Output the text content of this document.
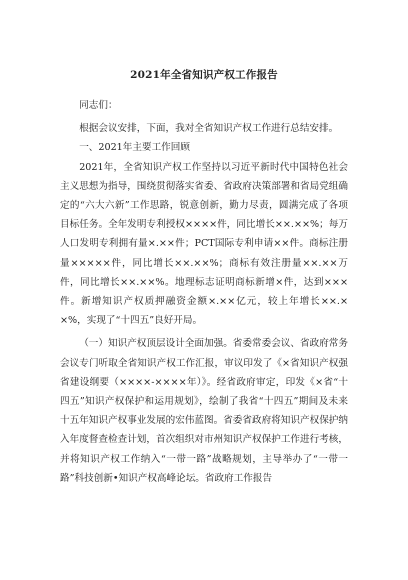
2021年全省知识产权工作报告

同志们：

根据会议安排，下面，我对全省知识产权工作进行总结安排。

一、2021年主要工作回顾

2021年，全省知识产权工作坚持以习近平新时代中国特色社会主义思想为指导，围绕贯彻落实省委、省政府决策部署和省局党组确定的“六大六新”工作思路，锐意创新，勤力尽责，圆满完成了各项目标任务。全年发明专利授权××××件，同比增长××.××%；每万人口发明专利拥有量×.××件；PCT国际专利申请××件。商标注册量×××××件，同比增长××.××%；商标有效注册量××.××万件，同比增长××.××%。地理标志证明商标新增×件，达到×××件。新增知识产权质押融资金额×.××亿元，较上年增长××.××%，实现了“十四五”良好开局。

（一）知识产权顶层设计全面加强。省委常委会议、省政府常务会议专门听取全省知识产权工作汇报，审议印发了《×省知识产权强省建设纲要（××××-××××年）》。经省政府审定，印发《×省“十四五”知识产权保护和运用规划》，绘制了我省“十四五”期间及未来十五年知识产权事业发展的宏伟蓝图。省委省政府将知识产权保护纳入年度督查检查计划，首次组织对市州知识产权保护工作进行考核，并将知识产权工作纳入“一带一路”战略规划，主导举办了“一带一路”科技创新•知识产权高峰论坛。省政府工作报告
